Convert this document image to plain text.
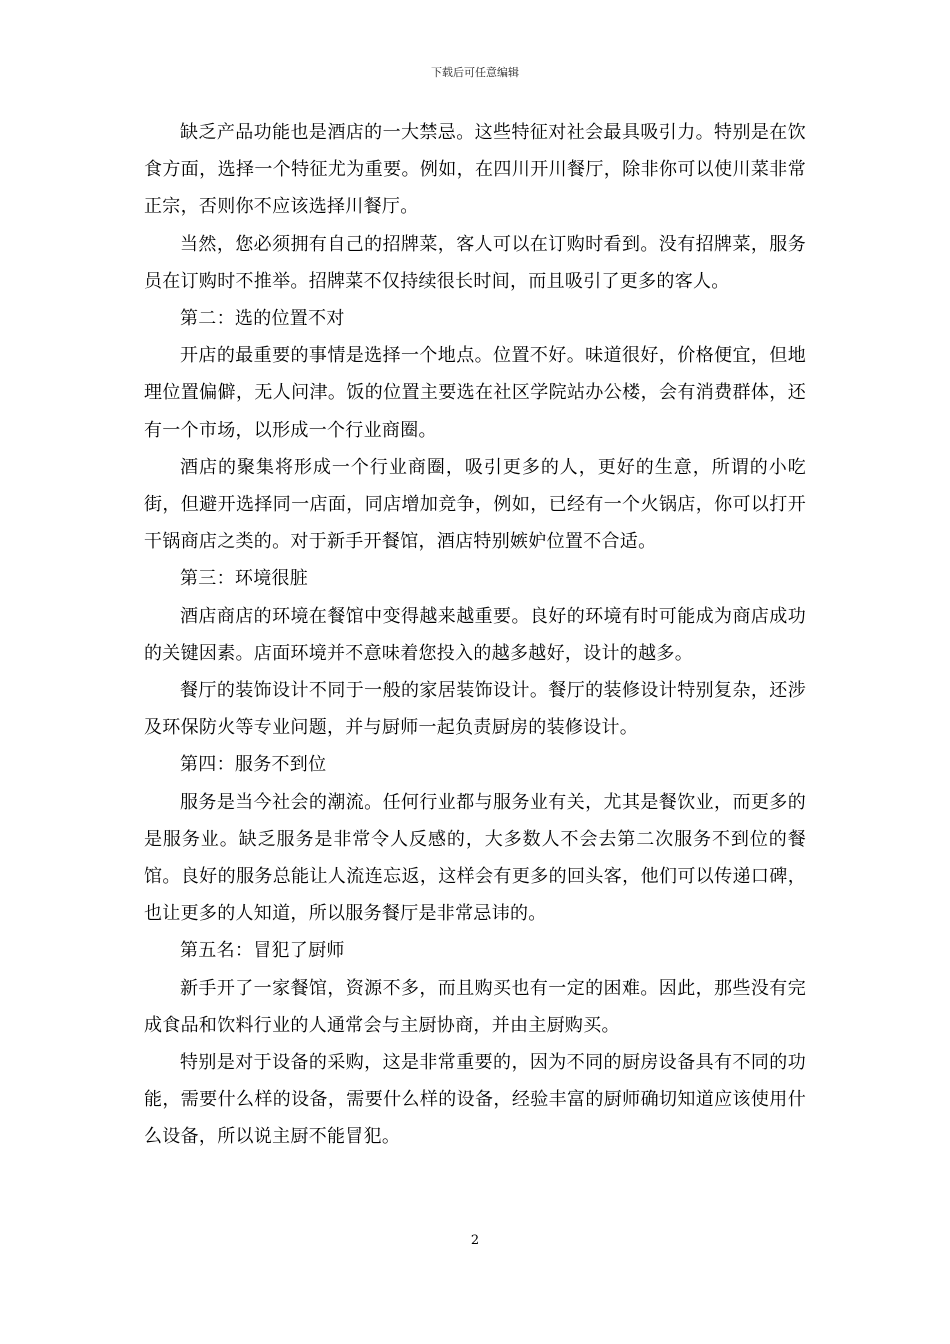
下载后可任意编辑

缺乏产品功能也是酒店的一大禁忌。这些特征对社会最具吸引力。特别是在饮食方面，选择一个特征尤为重要。例如，在四川开川餐厅，除非你可以使川菜非常正宗，否则你不应该选择川餐厅。

当然，您必须拥有自己的招牌菜，客人可以在订购时看到。没有招牌菜，服务员在订购时不推举。招牌菜不仅持续很长时间，而且吸引了更多的客人。

第二：选的位置不对

开店的最重要的事情是选择一个地点。位置不好。味道很好，价格便宜，但地理位置偏僻，无人问津。饭的位置主要选在社区学院站办公楼，会有消费群体，还有一个市场，以形成一个行业商圈。

酒店的聚集将形成一个行业商圈，吸引更多的人，更好的生意，所谓的小吃街，但避开选择同一店面，同店增加竞争，例如，已经有一个火锅店，你可以打开干锅商店之类的。对于新手开餐馆，酒店特别嫉妒位置不合适。

第三：环境很脏

酒店商店的环境在餐馆中变得越来越重要。良好的环境有时可能成为商店成功的关键因素。店面环境并不意味着您投入的越多越好，设计的越多。

餐厅的装饰设计不同于一般的家居装饰设计。餐厅的装修设计特别复杂，还涉及环保防火等专业问题，并与厨师一起负责厨房的装修设计。

第四：服务不到位

服务是当今社会的潮流。任何行业都与服务业有关，尤其是餐饮业，而更多的是服务业。缺乏服务是非常令人反感的，大多数人不会去第二次服务不到位的餐馆。良好的服务总能让人流连忘返，这样会有更多的回头客，他们可以传递口碑，也让更多的人知道，所以服务餐厅是非常忌讳的。

第五名：冒犯了厨师

新手开了一家餐馆，资源不多，而且购买也有一定的困难。因此，那些没有完成食品和饮料行业的人通常会与主厨协商，并由主厨购买。

特别是对于设备的采购，这是非常重要的，因为不同的厨房设备具有不同的功能，需要什么样的设备，需要什么样的设备，经验丰富的厨师确切知道应该使用什么设备，所以说主厨不能冒犯。

2
